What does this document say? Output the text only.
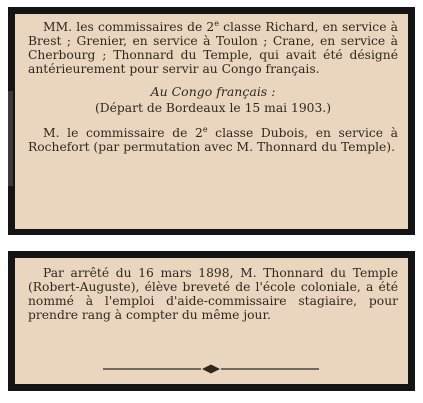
MM. les commissaires de 2e classe Richard, en service à Brest ; Grenier, en service à Toulon ; Crane, en service à Cherbourg ; Thonnard du Temple, qui avait été désigné antérieurement pour servir au Congo français.

Au Congo français :
(Départ de Bordeaux le 15 mai 1903.)

M. le commissaire de 2e classe Dubois, en service à Rochefort (par permutation avec M. Thonnard du Temple).

Par arrêté du 16 mars 1898, M. Thonnard du Temple (Robert-Auguste), élève breveté de l'école coloniale, a été nommé à l'emploi d'aide-commissaire stagiaire, pour prendre rang à compter du même jour.
